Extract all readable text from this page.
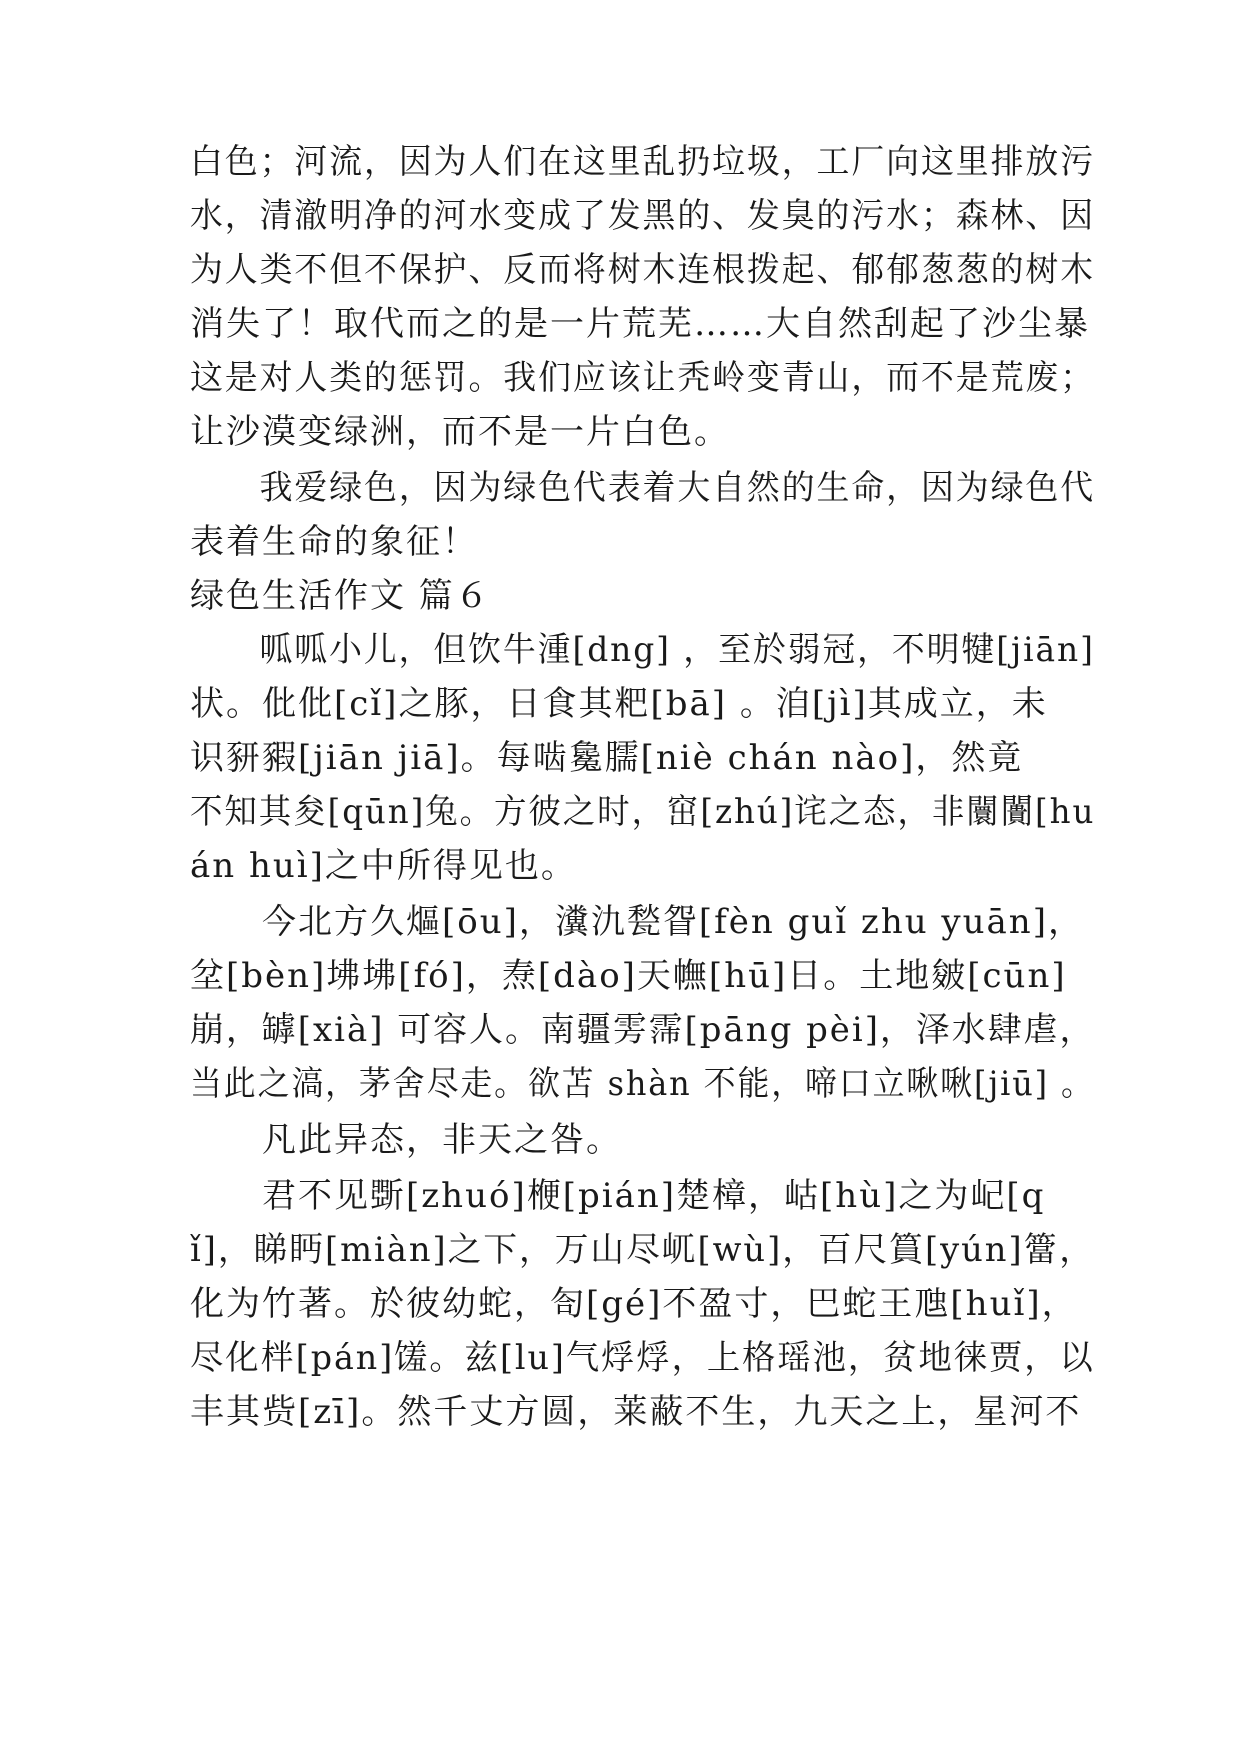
白色；河流，因为人们在这里乱扔垃圾，工厂向这里排放污
水，清澈明净的河水变成了发黑的、发臭的污水；森林、因
为人类不但不保护、反而将树木连根拨起、郁郁葱葱的树木
消失了！取代而之的是一片荒芜……大自然刮起了沙尘暴
这是对人类的惩罚。我们应该让秃岭变青山，而不是荒废；
让沙漠变绿洲，而不是一片白色。
　　我爱绿色，因为绿色代表着大自然的生命，因为绿色代
表着生命的象征！
绿色生活作文 篇６
　　呱呱小儿，但饮牛湩[dng] ，至於弱冠，不明犍[jiān]
状。仳仳[cǐ]之豚，日食其粑[bā] 。洎[jì]其成立，未
识豜豭[jiān jiā]。每啮毚臑[niè chán nào]，然竟
不知其夋[qūn]兔。方彼之时，窋[zhú]诧之态，非闤闠[hu
án huì]之中所得见也。
　　今北方久熰[ōu]，瀵氿甃眢[fèn guǐ zhu yuān]，
坌[bèn]坲坲[fó]，焘[dào]天幠[hū]日。土地皴[cūn]
崩，罅[xià] 可容人。南疆雱霈[pāng pèi]，泽水肆虐，
当此之滈，茅舍尽走。欲苫 shàn 不能，啼口立啾啾[jiū] 。
　　凡此异态，非天之咎。
　　君不见斲[zhuó]楩[pián]楚樟，岵[hù]之为屺[q
ǐ]，睇眄[miàn]之下，万山尽屼[wù]，百尺篔[yún]簹，
化为竹著。於彼幼蛇，匌[gé]不盈寸，巴蛇王虺[huǐ]，
尽化柈[pán]馐。兹[lu]气烰烰，上格瑶池，贫地徕贾，以
丰其赀[zī]。然千丈方圆，莱蔽不生，九天之上，星河不
